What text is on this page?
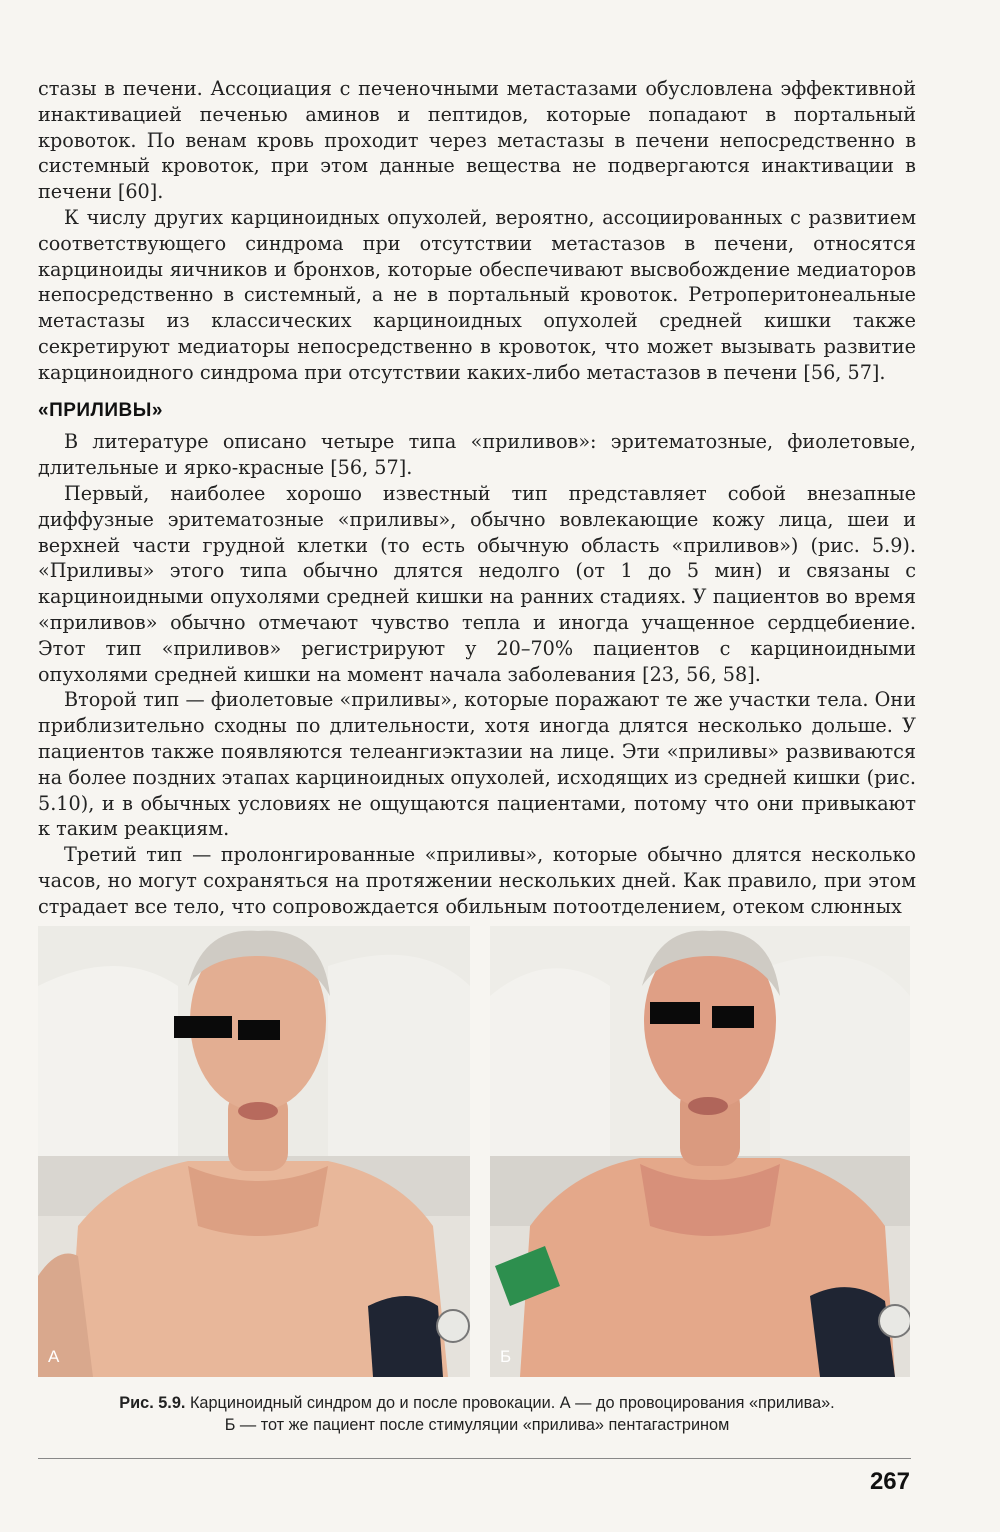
стазы в печени. Ассоциация с печеночными метастазами обусловлена эффективной инактивацией печенью аминов и пептидов, которые попадают в портальный кровоток. По венам кровь проходит через метастазы в печени непосредственно в системный кровоток, при этом данные вещества не подвергаются инактивации в печени [60].

К числу других карциноидных опухолей, вероятно, ассоциированных с развитием соответствующего синдрома при отсутствии метастазов в печени, относятся карциноиды яичников и бронхов, которые обеспечивают высвобождение медиаторов непосредственно в системный, а не в портальный кровоток. Ретроперитонеальные метастазы из классических карциноидных опухолей средней кишки также секретируют медиаторы непосредственно в кровоток, что может вызывать развитие карциноидного синдрома при отсутствии каких-либо метастазов в печени [56, 57].

«ПРИЛИВЫ»

В литературе описано четыре типа «приливов»: эритематозные, фиолетовые, длительные и ярко-красные [56, 57].

Первый, наиболее хорошо известный тип представляет собой внезапные диффузные эритематозные «приливы», обычно вовлекающие кожу лица, шеи и верхней части грудной клетки (то есть обычную область «приливов») (рис. 5.9). «Приливы» этого типа обычно длятся недолго (от 1 до 5 мин) и связаны с карциноидными опухолями средней кишки на ранних стадиях. У пациентов во время «приливов» обычно отмечают чувство тепла и иногда учащенное сердцебиение. Этот тип «приливов» регистрируют у 20–70% пациентов с карциноидными опухолями средней кишки на момент начала заболевания [23, 56, 58].

Второй тип — фиолетовые «приливы», которые поражают те же участки тела. Они приблизительно сходны по длительности, хотя иногда длятся несколько дольше. У пациентов также появляются телеангиэктазии на лице. Эти «приливы» развиваются на более поздних этапах карциноидных опухолей, исходящих из средней кишки (рис. 5.10), и в обычных условиях не ощущаются пациентами, потому что они привыкают к таким реакциям.

Третий тип — пролонгированные «приливы», которые обычно длятся несколько часов, но могут сохраняться на протяжении нескольких дней. Как правило, при этом страдает все тело, что сопровождается обильным потоотделением, отеком слюнных

А	Б
Рис. 5.9. Карциноидный синдром до и после провокации. А — до провоцирования «прилива».
Б — тот же пациент после стимуляции «прилива» пентагастрином
267
